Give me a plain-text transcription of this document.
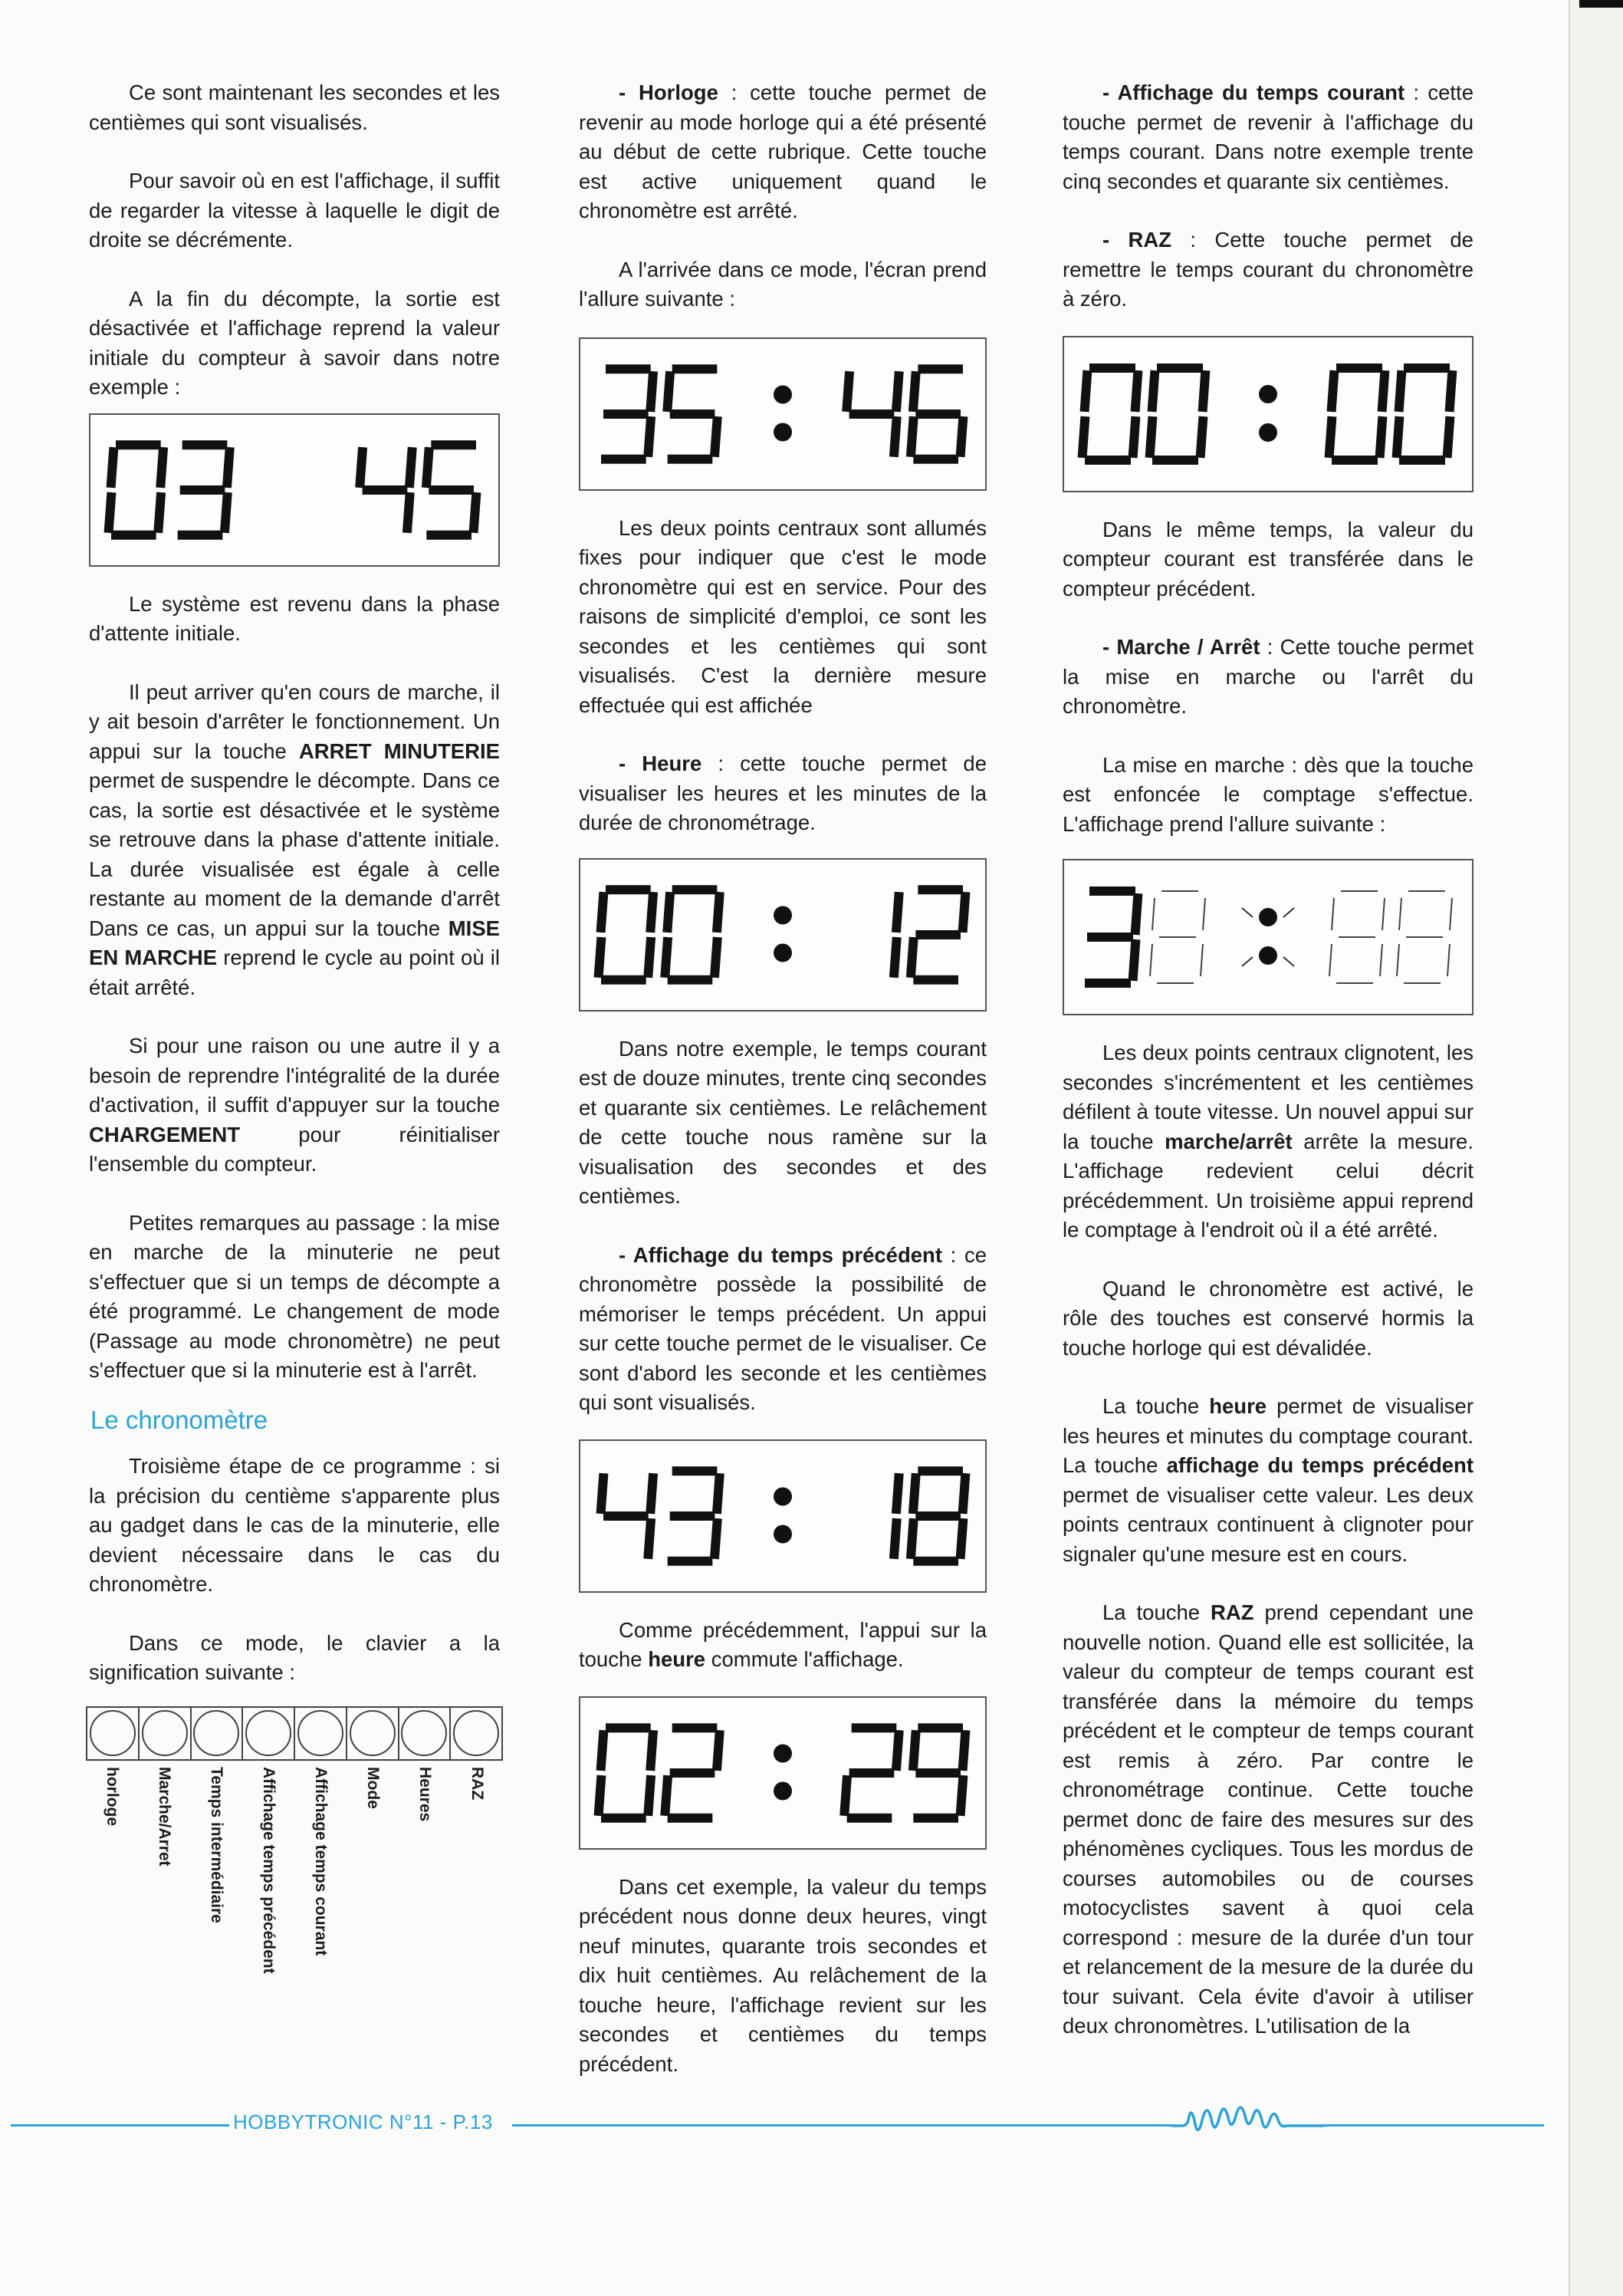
Ce sont maintenant les secondes et les centièmes qui sont visualisés.

Pour savoir où en est l'affichage, il suffit de regarder la vitesse à laquelle le digit de droite se décrémente.

A la fin du décompte, la sortie est désactivée et l'affichage reprend la valeur initiale du compteur à savoir dans notre exemple :

Le système est revenu dans la phase d'attente initiale.

Il peut arriver qu'en cours de marche, il y ait besoin d'arrêter le fonctionnement. Un appui sur la touche ARRET MINUTERIE permet de suspendre le décompte. Dans ce cas, la sortie est désactivée et le système se retrouve dans la phase d'attente initiale. La durée visualisée est égale à celle restante au moment de la demande d'arrêt Dans ce cas, un appui sur la touche MISE EN MARCHE reprend le cycle au point où il était arrêté.

Si pour une raison ou une autre il y a besoin de reprendre l'intégralité de la durée d'activation, il suffit d'appuyer sur la touche CHARGEMENT pour réinitialiser l'ensemble du compteur.

Petites remarques au passage : la mise en marche de la minuterie ne peut s'effectuer que si un temps de décompte a été programmé. Le changement de mode (Passage au mode chronomètre) ne peut s'effectuer que si la minuterie est à l'arrêt.

Le chronomètre

Troisième étape de ce programme : si la précision du centième s'apparente plus au gadget dans le cas de la minuterie, elle devient nécessaire dans le cas du chronomètre.

Dans ce mode, le clavier a la signification suivante :

horloge Marche/Arret Temps intermédiaire Affichage temps précédent Affichage temps courant Mode Heures RAZ

- Horloge : cette touche permet de revenir au mode horloge qui a été présenté au début de cette rubrique. Cette touche est active uniquement quand le chronomètre est arrêté.

A l'arrivée dans ce mode, l'écran prend l'allure suivante :

Les deux points centraux sont allumés fixes pour indiquer que c'est le mode chronomètre qui est en service. Pour des raisons de simplicité d'emploi, ce sont les secondes et les centièmes qui sont visualisés. C'est la dernière mesure effectuée qui est affichée

- Heure : cette touche permet de visualiser les heures et les minutes de la durée de chronométrage.

Dans notre exemple, le temps courant est de douze minutes, trente cinq secondes et quarante six centièmes. Le relâchement de cette touche nous ramène sur la visualisation des secondes et des centièmes.

- Affichage du temps précédent : ce chronomètre possède la possibilité de mémoriser le temps précédent. Un appui sur cette touche permet de le visualiser. Ce sont d'abord les seconde et les centièmes qui sont visualisés.

Comme précédemment, l'appui sur la touche heure commute l'affichage.

Dans cet exemple, la valeur du temps précédent nous donne deux heures, vingt neuf minutes, quarante trois secondes et dix huit centièmes. Au relâchement de la touche heure, l'affichage revient sur les secondes et centièmes du temps précédent.

- Affichage du temps courant : cette touche permet de revenir à l'affichage du temps courant. Dans notre exemple trente cinq secondes et quarante six centièmes.

- RAZ : Cette touche permet de remettre le temps courant du chronomètre à zéro.

Dans le même temps, la valeur du compteur courant est transférée dans le compteur précédent.

- Marche / Arrêt : Cette touche permet la mise en marche ou l'arrêt du chronomètre.

La mise en marche : dès que la touche est enfoncée le comptage s'effectue. L'affichage prend l'allure suivante :

Les deux points centraux clignotent, les secondes s'incrémentent et les centièmes défilent à toute vitesse. Un nouvel appui sur la touche marche/arrêt arrête la mesure. L'affichage redevient celui décrit précédemment. Un troisième appui reprend le comptage à l'endroit où il a été arrêté.

Quand le chronomètre est activé, le rôle des touches est conservé hormis la touche horloge qui est dévalidée.

La touche heure permet de visualiser les heures et minutes du comptage courant. La touche affichage du temps précédent permet de visualiser cette valeur. Les deux points centraux continuent à clignoter pour signaler qu'une mesure est en cours.

La touche RAZ prend cependant une nouvelle notion. Quand elle est sollicitée, la valeur du compteur de temps courant est transférée dans la mémoire du temps précédent et le compteur de temps courant est remis à zéro. Par contre le chronométrage continue. Cette touche permet donc de faire des mesures sur des phénomènes cycliques. Tous les mordus de courses automobiles ou de courses motocyclistes savent à quoi cela correspond : mesure de la durée d'un tour et relancement de la mesure de la durée du tour suivant. Cela évite d'avoir à utiliser deux chronomètres. L'utilisation de la

HOBBYTRONIC N°11 - P.13
